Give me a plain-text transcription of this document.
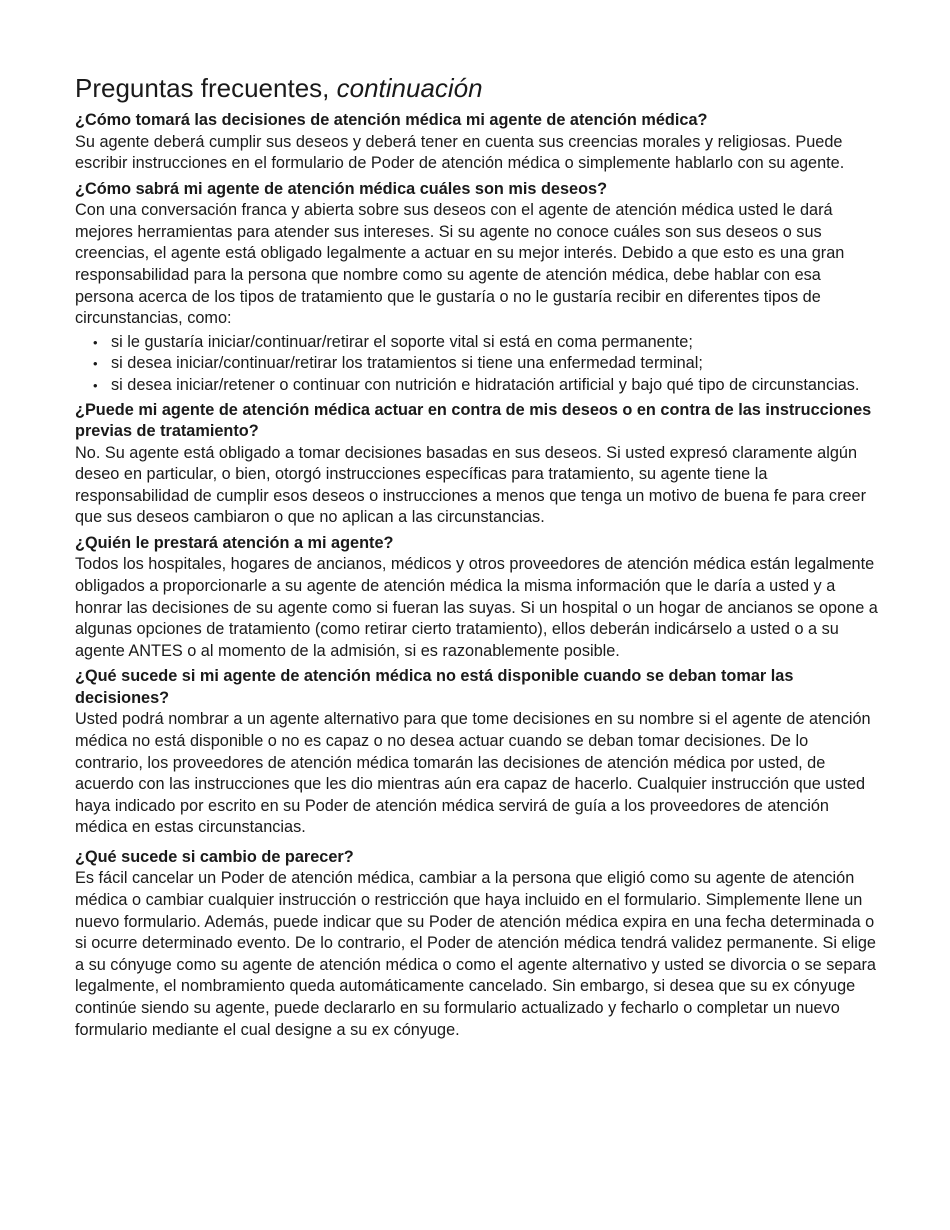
Preguntas frecuentes, continuación

¿Cómo tomará las decisiones de atención médica mi agente de atención médica?

Su agente deberá cumplir sus deseos y deberá tener en cuenta sus creencias morales y religiosas. Puede escribir instrucciones en el formulario de Poder de atención médica o simplemente hablarlo con su agente.

¿Cómo sabrá mi agente de atención médica cuáles son mis deseos?

Con una conversación franca y abierta sobre sus deseos con el agente de atención médica usted le dará mejores herramientas para atender sus intereses. Si su agente no conoce cuáles son sus deseos o sus creencias, el agente está obligado legalmente a actuar en su mejor interés. Debido a que esto es una gran responsabilidad para la persona que nombre como su agente de atención médica, debe hablar con esa persona acerca de los tipos de tratamiento que le gustaría o no le gustaría recibir en diferentes tipos de circunstancias, como:

• si le gustaría iniciar/continuar/retirar el soporte vital si está en coma permanente;
• si desea iniciar/continuar/retirar los tratamientos si tiene una enfermedad terminal;
• si desea iniciar/retener o continuar con nutrición e hidratación artificial y bajo qué tipo de circunstancias.

¿Puede mi agente de atención médica actuar en contra de mis deseos o en contra de las instrucciones previas de tratamiento?

No. Su agente está obligado a tomar decisiones basadas en sus deseos. Si usted expresó claramente algún deseo en particular, o bien, otorgó instrucciones específicas para tratamiento, su agente tiene la responsabilidad de cumplir esos deseos o instrucciones a menos que tenga un motivo de buena fe para creer que sus deseos cambiaron o que no aplican a las circunstancias.

¿Quién le prestará atención a mi agente?

Todos los hospitales, hogares de ancianos, médicos y otros proveedores de atención médica están legalmente obligados a proporcionarle a su agente de atención médica la misma información que le daría a usted y a honrar las decisiones de su agente como si fueran las suyas. Si un hospital o un hogar de ancianos se opone a algunas opciones de tratamiento (como retirar cierto tratamiento), ellos deberán indicárselo a usted o a su agente ANTES o al momento de la admisión, si es razonablemente posible.

¿Qué sucede si mi agente de atención médica no está disponible cuando se deban tomar las decisiones?

Usted podrá nombrar a un agente alternativo para que tome decisiones en su nombre si el agente de atención médica no está disponible o no es capaz o no desea actuar cuando se deban tomar decisiones. De lo contrario, los proveedores de atención médica tomarán las decisiones de atención médica por usted, de acuerdo con las instrucciones que les dio mientras aún era capaz de hacerlo. Cualquier instrucción que usted haya indicado por escrito en su Poder de atención médica servirá de guía a los proveedores de atención médica en estas circunstancias.

¿Qué sucede si cambio de parecer?

Es fácil cancelar un Poder de atención médica, cambiar a la persona que eligió como su agente de atención médica o cambiar cualquier instrucción o restricción que haya incluido en el formulario. Simplemente llene un nuevo formulario. Además, puede indicar que su Poder de atención médica expira en una fecha determinada o si ocurre determinado evento. De lo contrario, el Poder de atención médica tendrá validez permanente. Si elige a su cónyuge como su agente de atención médica o como el agente alternativo y usted se divorcia o se separa legalmente, el nombramiento queda automáticamente cancelado. Sin embargo, si desea que su ex cónyuge continúe siendo su agente, puede declararlo en su formulario actualizado y fecharlo o completar un nuevo formulario mediante el cual designe a su ex cónyuge.
